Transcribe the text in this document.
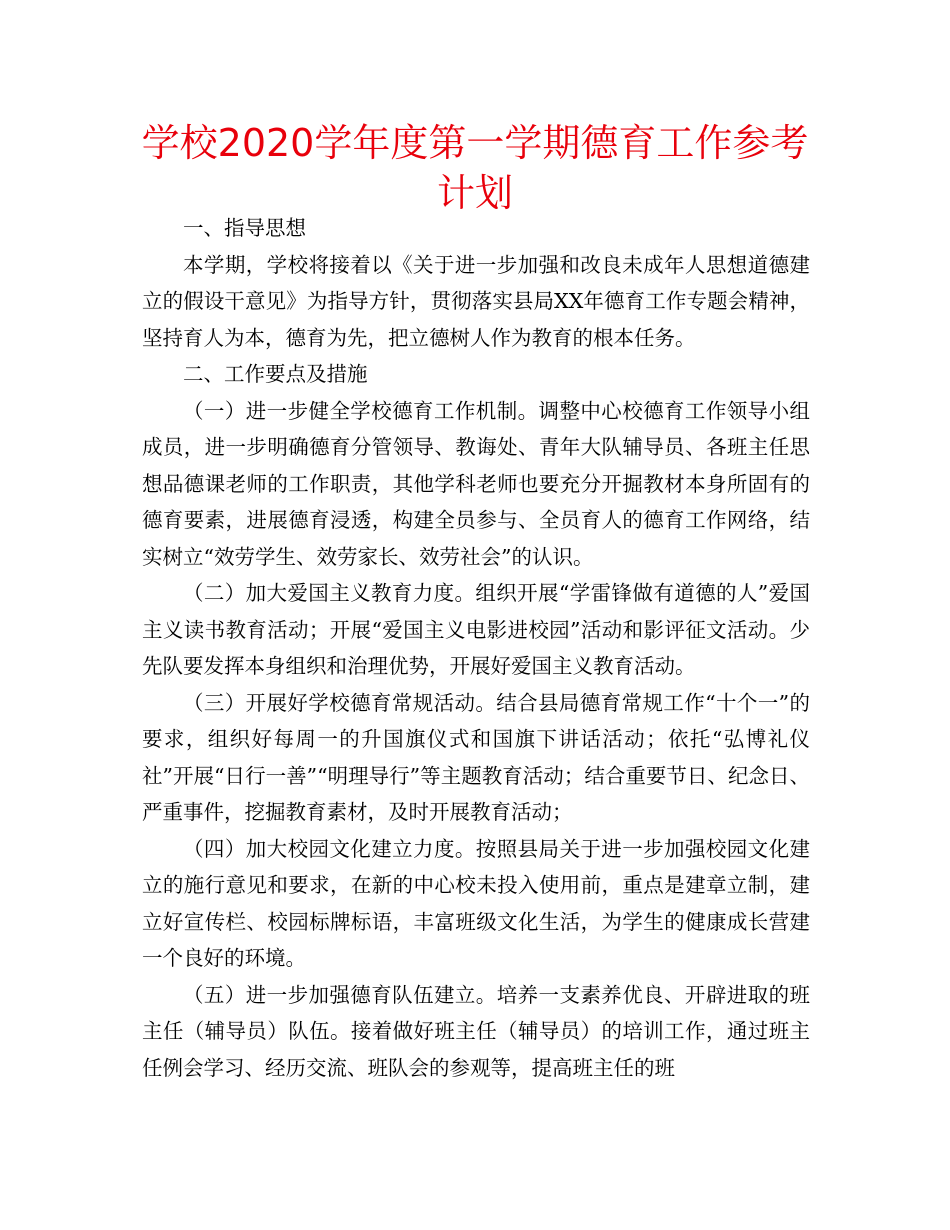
学校2020学年度第一学期德育工作参考计划

一、指导思想

本学期，学校将接着以《关于进一步加强和改良未成年人思想道德建立的假设干意见》为指导方针，贯彻落实县局XX年德育工作专题会精神，坚持育人为本，德育为先，把立德树人作为教育的根本任务。

二、工作要点及措施

（一）进一步健全学校德育工作机制。调整中心校德育工作领导小组成员，进一步明确德育分管领导、教诲处、青年大队辅导员、各班主任思想品德课老师的工作职责，其他学科老师也要充分开掘教材本身所固有的德育要素，进展德育浸透，构建全员参与、全员育人的德育工作网络，结实树立“效劳学生、效劳家长、效劳社会”的认识。

（二）加大爱国主义教育力度。组织开展“学雷锋做有道德的人”爱国主义读书教育活动；开展“爱国主义电影进校园”活动和影评征文活动。少先队要发挥本身组织和治理优势，开展好爱国主义教育活动。

（三）开展好学校德育常规活动。结合县局德育常规工作“十个一”的要求，组织好每周一的升国旗仪式和国旗下讲话活动；依托“弘博礼仪社”开展“日行一善”“明理导行”等主题教育活动；结合重要节日、纪念日、严重事件，挖掘教育素材，及时开展教育活动；

（四）加大校园文化建立力度。按照县局关于进一步加强校园文化建立的施行意见和要求，在新的中心校未投入使用前，重点是建章立制，建立好宣传栏、校园标牌标语，丰富班级文化生活，为学生的健康成长营建一个良好的环境。

（五）进一步加强德育队伍建立。培养一支素养优良、开辟进取的班主任（辅导员）队伍。接着做好班主任（辅导员）的培训工作，通过班主任例会学习、经历交流、班队会的参观等，提高班主任的班
